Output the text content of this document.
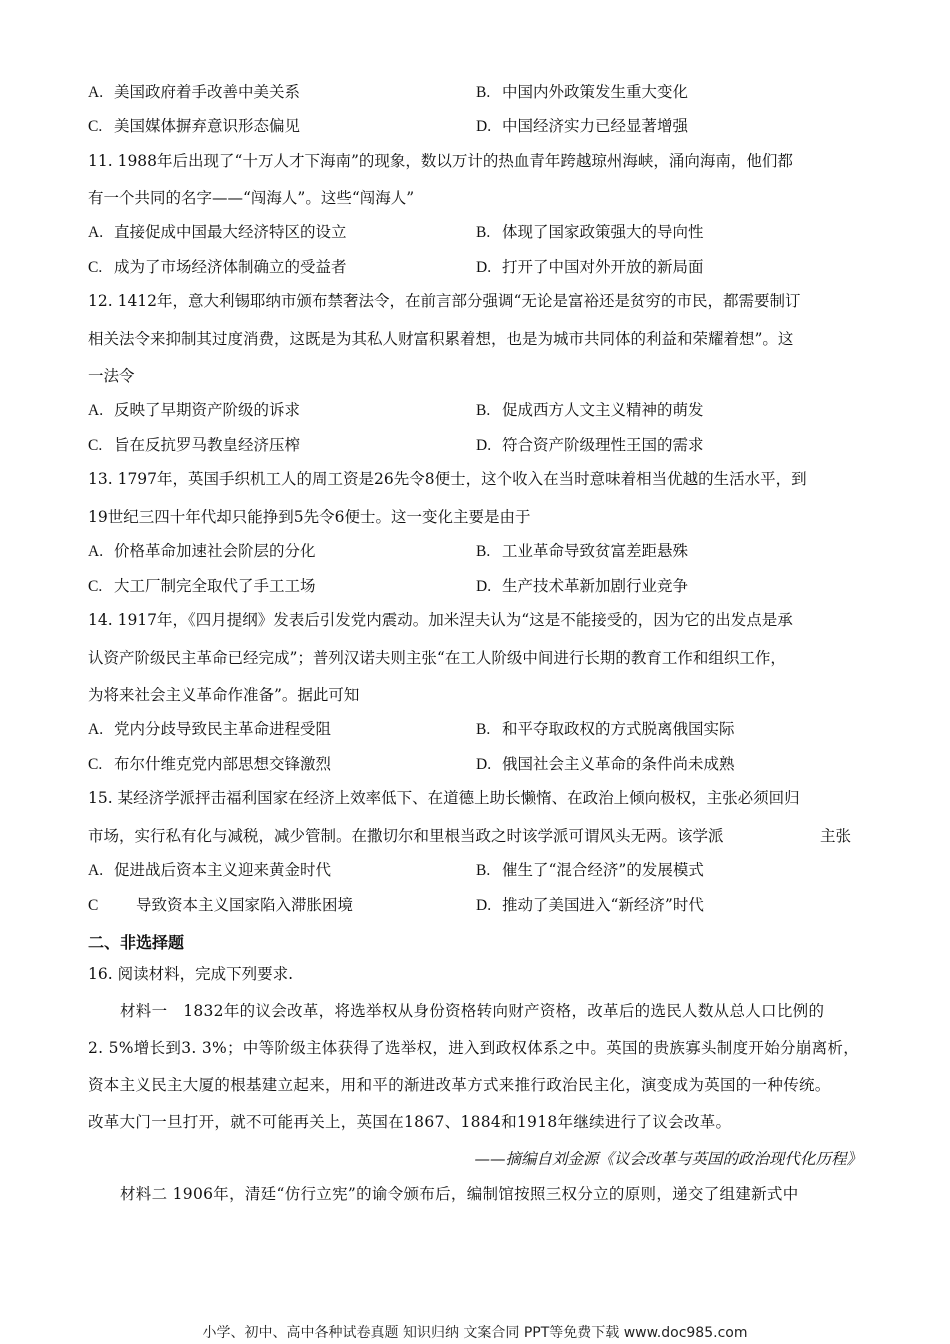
A. 美国政府着手改善中美关系	B. 中国内外政策发生重大变化
C. 美国媒体摒弃意识形态偏见	D. 中国经济实力已经显著增强
11. 1988年后出现了“十万人才下海南”的现象，数以万计的热血青年跨越琼州海峡，涌向海南，他们都
有一个共同的名字——“闯海人”。这些“闯海人”
A. 直接促成中国最大经济特区的设立	B. 体现了国家政策强大的导向性
C. 成为了市场经济体制确立的受益者	D. 打开了中国对外开放的新局面
12. 1412年，意大利锡耶纳市颁布禁奢法令，在前言部分强调“无论是富裕还是贫穷的市民，都需要制订
相关法令来抑制其过度消费，这既是为其私人财富积累着想，也是为城市共同体的利益和荣耀着想”。这
一法令
A. 反映了早期资产阶级的诉求	B. 促成西方人文主义精神的萌发
C. 旨在反抗罗马教皇经济压榨	D. 符合资产阶级理性王国的需求
13. 1797年，英国手织机工人的周工资是26先令8便士，这个收入在当时意味着相当优越的生活水平，到
19世纪三四十年代却只能挣到5先令6便士。这一变化主要是由于
A. 价格革命加速社会阶层的分化	B. 工业革命导致贫富差距悬殊
C. 大工厂制完全取代了手工工场	D. 生产技术革新加剧行业竞争
14. 1917年，《四月提纲》发表后引发党内震动。加米涅夫认为“这是不能接受的，因为它的出发点是承
认资产阶级民主革命已经完成”；普列汉诺夫则主张“在工人阶级中间进行长期的教育工作和组织工作，
为将来社会主义革命作准备”。据此可知
A. 党内分歧导致民主革命进程受阻	B. 和平夺取政权的方式脱离俄国实际
C. 布尔什维克党内部思想交锋激烈	D. 俄国社会主义革命的条件尚未成熟
15. 某经济学派抨击福利国家在经济上效率低下、在道德上助长懒惰、在政治上倾向极权，主张必须回归
市场，实行私有化与减税，减少管制。在撒切尔和里根当政之时该学派可谓风头无两。该学派	主张
A. 促进战后资本主义迎来黄金时代	B. 催生了“混合经济”的发展模式
C 导致资本主义国家陷入滞胀困境	D. 推动了美国进入“新经济”时代
二、非选择题
16. 阅读材料，完成下列要求.
材料一　1832年的议会改革，将选举权从身份资格转向财产资格，改革后的选民人数从总人口比例的
2. 5%增长到3. 3%；中等阶级主体获得了选举权，进入到政权体系之中。英国的贵族寡头制度开始分崩离析，
资本主义民主大厦的根基建立起来，用和平的渐进改革方式来推行政治民主化，演变成为英国的一种传统。
改革大门一旦打开，就不可能再关上，英国在1867、1884和1918年继续进行了议会改革。
——摘编自刘金源《议会改革与英国的政治现代化历程》
材料二 1906年，清廷“仿行立宪”的谕令颁布后，编制馆按照三权分立的原则，递交了组建新式中
小学、初中、高中各种试卷真题 知识归纳 文案合同 PPT等免费下载 www.doc985.com
